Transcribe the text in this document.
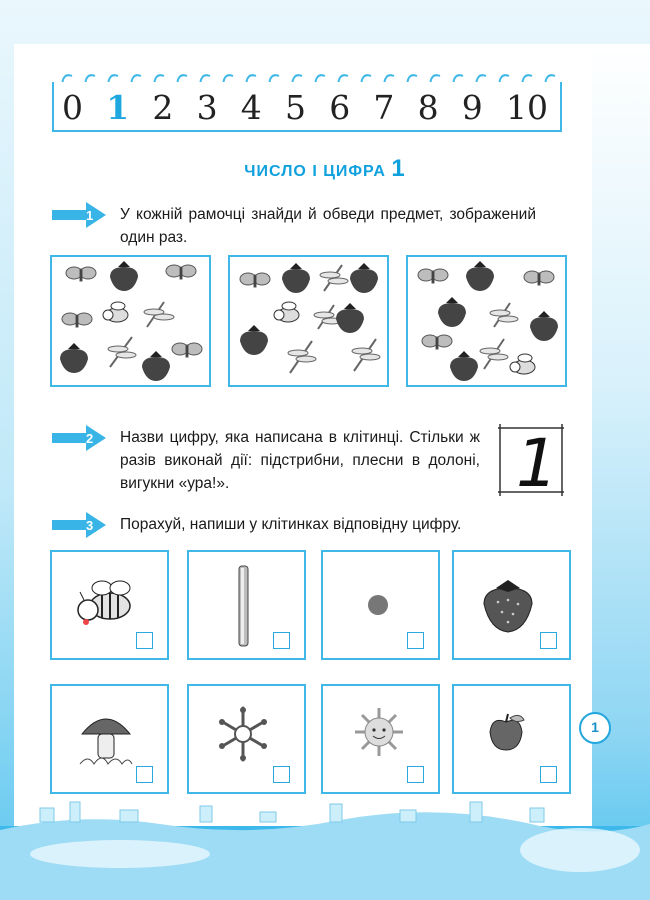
0 1 2 3 4 5 6 7 8 9 10
ЧИСЛО І ЦИФРА 1
1 У кожній рамочці знайди й обведи предмет, зображений один раз.
2 Назви цифру, яка написана в клітинці. Стільки ж разів виконай дії: підстрибни, плесни в долоні, вигукни «ура!».	1
3 Порахуй, напиши у клітинках відповідну цифру.
1
